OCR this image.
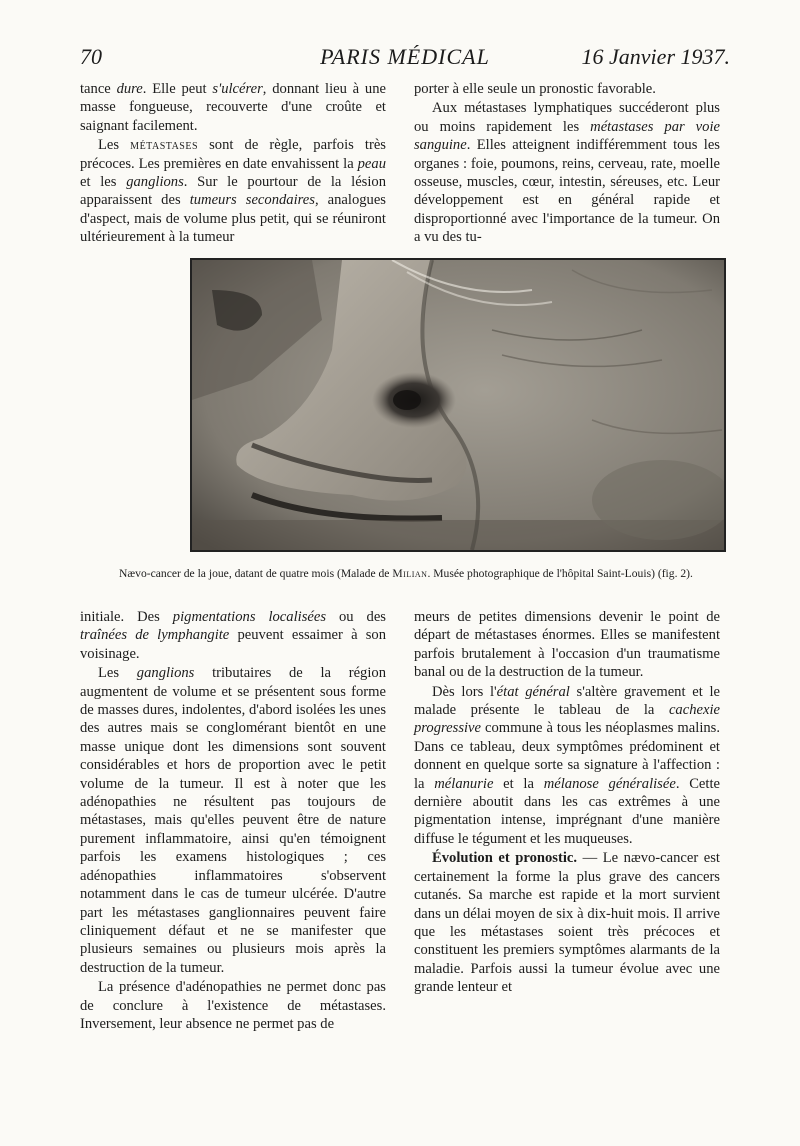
70	PARIS MÉDICAL	16 Janvier 1937.

tance dure. Elle peut s'ulcérer, donnant lieu à une masse fongueuse, recouverte d'une croûte et saignant facilement.

Les métastases sont de règle, parfois très précoces. Les premières en date envahissent la peau et les ganglions. Sur le pourtour de la lésion apparaissent des tumeurs secondaires, analogues d'aspect, mais de volume plus petit, qui se réuniront ultérieurement à la tumeur

porter à elle seule un pronostic favorable.

Aux métastases lymphatiques succéderont plus ou moins rapidement les métastases par voie sanguine. Elles atteignent indifféremment tous les organes : foie, poumons, reins, cerveau, rate, moelle osseuse, muscles, cœur, intestin, séreuses, etc. Leur développement est en général rapide et disproportionné avec l'importance de la tumeur. On a vu des tu-

Nævo-cancer de la joue, datant de quatre mois (Malade de Milian. Musée photographique de l'hôpital Saint-Louis) (fig. 2).

initiale. Des pigmentations localisées ou des traînées de lymphangite peuvent essaimer à son voisinage.

Les ganglions tributaires de la région augmentent de volume et se présentent sous forme de masses dures, indolentes, d'abord isolées les unes des autres mais se conglomérant bientôt en une masse unique dont les dimensions sont souvent considérables et hors de proportion avec le petit volume de la tumeur. Il est à noter que les adénopathies ne résultent pas toujours de métastases, mais qu'elles peuvent être de nature purement inflammatoire, ainsi qu'en témoignent parfois les examens histologiques ; ces adénopathies inflammatoires s'observent notamment dans le cas de tumeur ulcérée. D'autre part les métastases ganglionnaires peuvent faire cliniquement défaut et ne se manifester que plusieurs semaines ou plusieurs mois après la destruction de la tumeur.

La présence d'adénopathies ne permet donc pas de conclure à l'existence de métastases. Inversement, leur absence ne permet pas de

meurs de petites dimensions devenir le point de départ de métastases énormes. Elles se manifestent parfois brutalement à l'occasion d'un traumatisme banal ou de la destruction de la tumeur.

Dès lors l'état général s'altère gravement et le malade présente le tableau de la cachexie progressive commune à tous les néoplasmes malins. Dans ce tableau, deux symptômes prédominent et donnent en quelque sorte sa signature à l'affection : la mélanurie et la mélanose généralisée. Cette dernière aboutit dans les cas extrêmes à une pigmentation intense, imprégnant d'une manière diffuse le tégument et les muqueuses.

Évolution et pronostic. — Le nævo-cancer est certainement la forme la plus grave des cancers cutanés. Sa marche est rapide et la mort survient dans un délai moyen de six à dix-huit mois. Il arrive que les métastases soient très précoces et constituent les premiers symptômes alarmants de la maladie. Parfois aussi la tumeur évolue avec une grande lenteur et
